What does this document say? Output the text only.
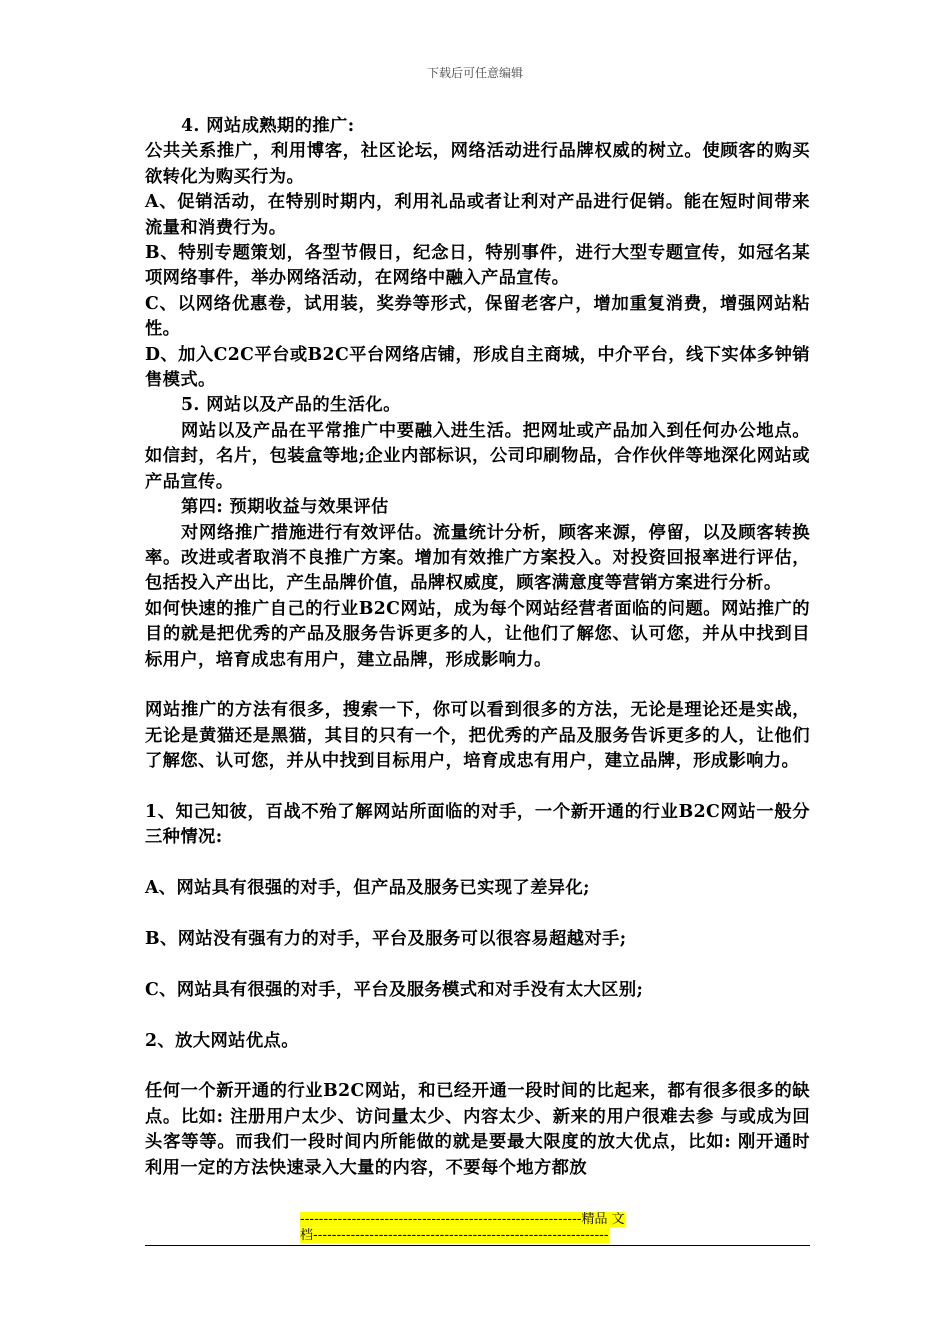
下载后可任意编辑

4. 网站成熟期的推广:

公共关系推广，利用博客，社区论坛，网络活动进行品牌权威的树立。使顾客的购买欲转化为购买行为。

A、促销活动，在特别时期内，利用礼品或者让利对产品进行促销。能在短时间带来流量和消费行为。

B、特别专题策划，各型节假日，纪念日，特别事件，进行大型专题宣传，如冠名某项网络事件，举办网络活动，在网络中融入产品宣传。

C、以网络优惠卷，试用装，奖券等形式，保留老客户，增加重复消费，增强网站粘性。

D、加入C2C平台或B2C平台网络店铺，形成自主商城，中介平台，线下实体多钟销售模式。

5. 网站以及产品的生活化。

网站以及产品在平常推广中要融入进生活。把网址或产品加入到任何办公地点。如信封，名片，包装盒等地;企业内部标识，公司印刷物品，合作伙伴等地深化网站或产品宣传。

第四: 预期收益与效果评估

对网络推广措施进行有效评估。流量统计分析，顾客来源，停留，以及顾客转换率。改进或者取消不良推广方案。增加有效推广方案投入。对投资回报率进行评估，包括投入产出比，产生品牌价值，品牌权威度，顾客满意度等营销方案进行分析。

如何快速的推广自己的行业B2C网站，成为每个网站经营者面临的问题。网站推广的目的就是把优秀的产品及服务告诉更多的人，让他们了解您、认可您，并从中找到目标用户，培育成忠有用户，建立品牌，形成影响力。

网站推广的方法有很多，搜索一下，你可以看到很多的方法，无论是理论还是实战，无论是黄猫还是黑猫，其目的只有一个，把优秀的产品及服务告诉更多的人，让他们了解您、认可您，并从中找到目标用户，培育成忠有用户，建立品牌，形成影响力。

1、知己知彼，百战不殆了解网站所面临的对手，一个新开通的行业B2C网站一般分三种情况:

A、网站具有很强的对手，但产品及服务已实现了差异化;

B、网站没有强有力的对手，平台及服务可以很容易超越对手;

C、网站具有很强的对手，平台及服务模式和对手没有太大区别;

2、放大网站优点。

任何一个新开通的行业B2C网站，和已经开通一段时间的比起来，都有很多很多的缺点。比如: 注册用户太少、访问量太少、内容太少、新来的用户很难去参 与或成为回头客等等。而我们一段时间内所能做的就是要最大限度的放大优点，比如: 刚开通时利用一定的方法快速录入大量的内容，不要每个地方都放

------------------------------------------------------------精品 文
档---------------------------------------------------------------
